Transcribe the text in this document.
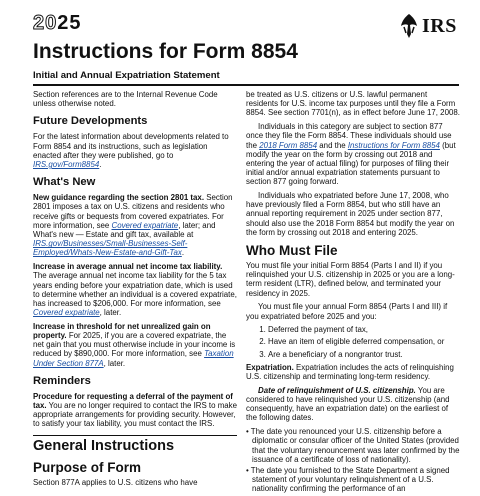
2025	IRS
Instructions for Form 8854
Initial and Annual Expatriation Statement

Section references are to the Internal Revenue Code unless otherwise noted.

Future Developments

For the latest information about developments related to Form 8854 and its instructions, such as legislation enacted after they were published, go to IRS.gov/Form8854.

What's New

New guidance regarding the section 2801 tax. Section 2801 imposes a tax on U.S. citizens and residents who receive gifts or bequests from covered expatriates. For more information, see Covered expatriate, later; and What's new — Estate and gift tax, available at IRS.gov/Businesses/Small-Businesses-Self-Employed/Whats-New-Estate-and-Gift-Tax.

Increase in average annual net income tax liability. The average annual net income tax liability for the 5 tax years ending before your expatriation date, which is used to determine whether an individual is a covered expatriate, has increased to $206,000. For more information, see Covered expatriate, later.

Increase in threshold for net unrealized gain on property. For 2025, if you are a covered expatriate, the net gain that you must otherwise include in your income is reduced by $890,000. For more information, see Taxation Under Section 877A, later.

Reminders

Procedure for requesting a deferral of the payment of tax. You are no longer required to contact the IRS to make appropriate arrangements for providing security. However, to satisfy your tax liability, you must contact the IRS.

General Instructions
Purpose of Form

Section 877A applies to U.S. citizens who have

be treated as U.S. citizens or U.S. lawful permanent residents for U.S. income tax purposes until they file a Form 8854. See section 7701(n), as in effect before June 17, 2008.

Individuals in this category are subject to section 877 once they file the Form 8854. These individuals should use the 2018 Form 8854 and the Instructions for Form 8854 (but modify the year on the form by crossing out 2018 and entering the year of actual filing) for purposes of filing their initial and/or annual expatriation statements pursuant to section 877 going forward.

Individuals who expatriated before June 17, 2008, who have previously filed a Form 8854, but who still have an annual reporting requirement in 2025 under section 877, should also use the 2018 Form 8854 but modify the year on the form by crossing out 2018 and entering 2025.

Who Must File

You must file your initial Form 8854 (Parts I and II) if you relinquished your U.S. citizenship in 2025 or you are a long-term resident (LTR), defined below, and terminated your residency in 2025.

You must file your annual Form 8854 (Parts I and III) if you expatriated before 2025 and you:

1. Deferred the payment of tax,
2. Have an item of eligible deferred compensation, or
3. Are a beneficiary of a nongrantor trust.

Expatriation. Expatriation includes the acts of relinquishing U.S. citizenship and terminating long-term residency.

Date of relinquishment of U.S. citizenship. You are considered to have relinquished your U.S. citizenship (and consequently, have an expatriation date) on the earliest of the following dates.

• The date you renounced your U.S. citizenship before a diplomatic or consular officer of the United States (provided that the voluntary renouncement was later confirmed by the issuance of a certificate of loss of nationality).

• The date you furnished to the State Department a signed statement of your voluntary relinquishment of a U.S. nationality confirming the performance of an
